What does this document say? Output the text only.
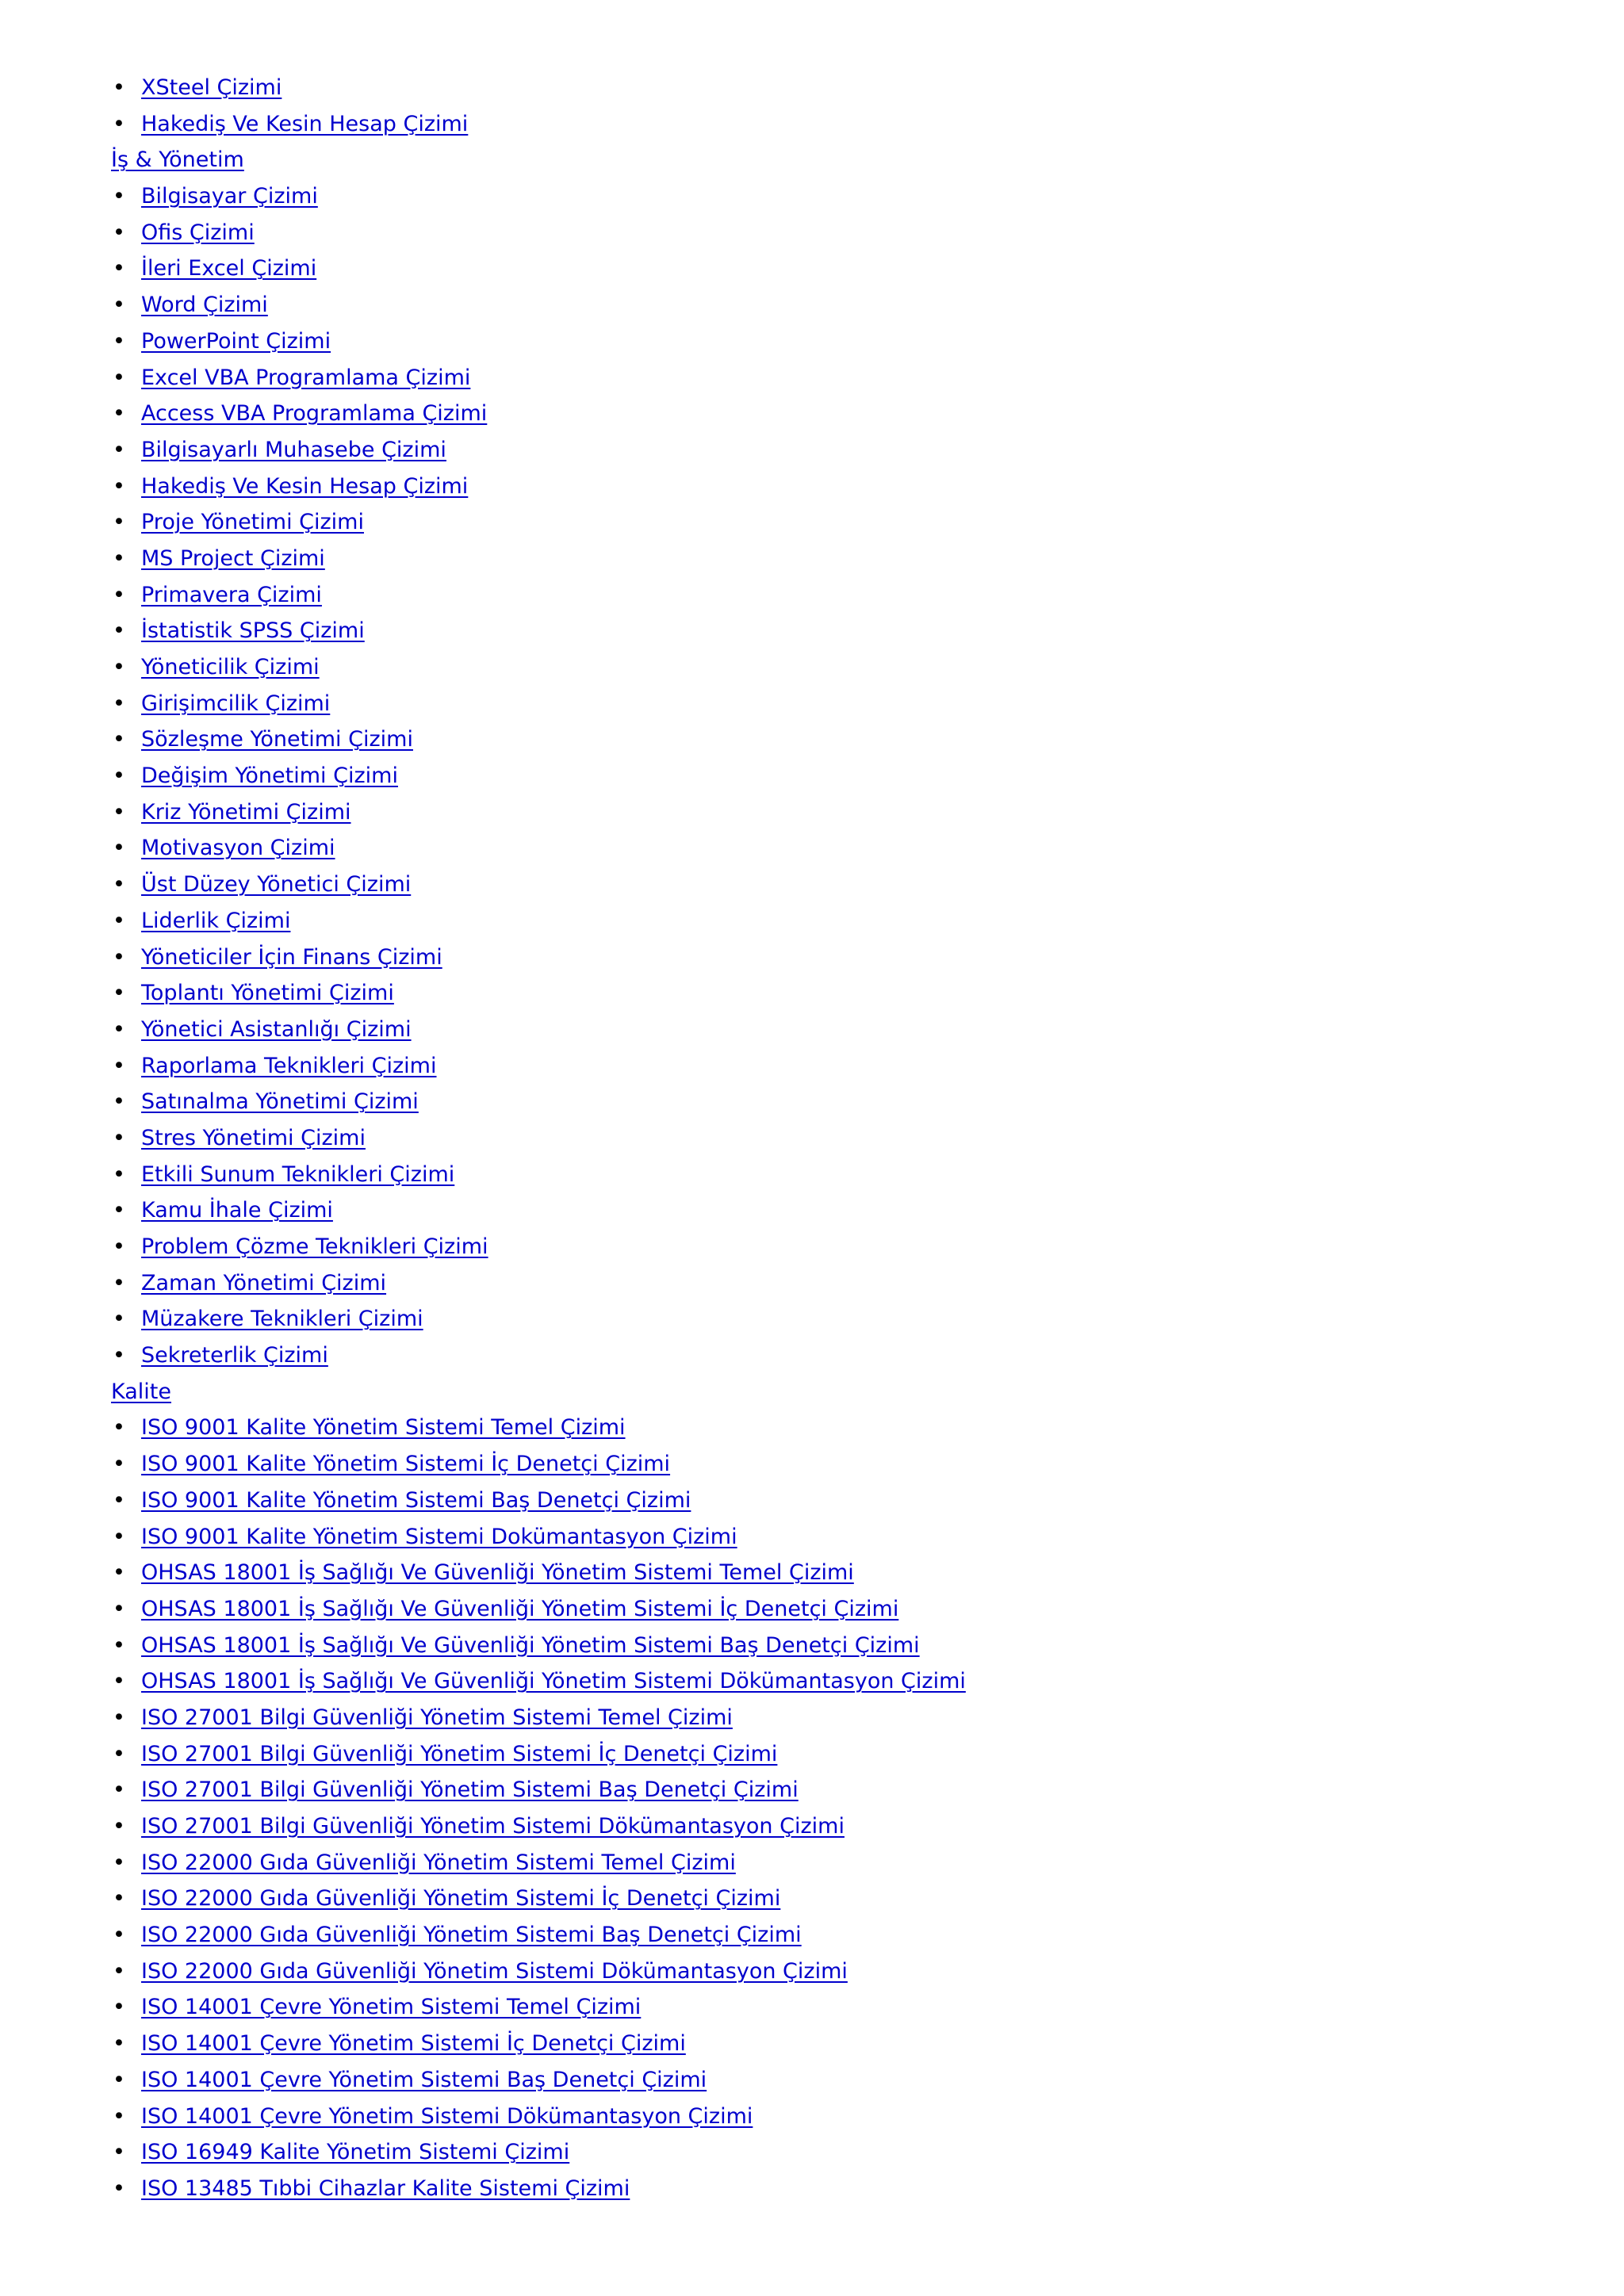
• XSteel Çizimi
• Hakediş Ve Kesin Hesap Çizimi
İş & Yönetim
• Bilgisayar Çizimi
• Ofis Çizimi
• İleri Excel Çizimi
• Word Çizimi
• PowerPoint Çizimi
• Excel VBA Programlama Çizimi
• Access VBA Programlama Çizimi
• Bilgisayarlı Muhasebe Çizimi
• Hakediş Ve Kesin Hesap Çizimi
• Proje Yönetimi Çizimi
• MS Project Çizimi
• Primavera Çizimi
• İstatistik SPSS Çizimi
• Yöneticilik Çizimi
• Girişimcilik Çizimi
• Sözleşme Yönetimi Çizimi
• Değişim Yönetimi Çizimi
• Kriz Yönetimi Çizimi
• Motivasyon Çizimi
• Üst Düzey Yönetici Çizimi
• Liderlik Çizimi
• Yöneticiler İçin Finans Çizimi
• Toplantı Yönetimi Çizimi
• Yönetici Asistanlığı Çizimi
• Raporlama Teknikleri Çizimi
• Satınalma Yönetimi Çizimi
• Stres Yönetimi Çizimi
• Etkili Sunum Teknikleri Çizimi
• Kamu İhale Çizimi
• Problem Çözme Teknikleri Çizimi
• Zaman Yönetimi Çizimi
• Müzakere Teknikleri Çizimi
• Sekreterlik Çizimi
Kalite
• ISO 9001 Kalite Yönetim Sistemi Temel Çizimi
• ISO 9001 Kalite Yönetim Sistemi İç Denetçi Çizimi
• ISO 9001 Kalite Yönetim Sistemi Baş Denetçi Çizimi
• ISO 9001 Kalite Yönetim Sistemi Dokümantasyon Çizimi
• OHSAS 18001 İş Sağlığı Ve Güvenliği Yönetim Sistemi Temel Çizimi
• OHSAS 18001 İş Sağlığı Ve Güvenliği Yönetim Sistemi İç Denetçi Çizimi
• OHSAS 18001 İş Sağlığı Ve Güvenliği Yönetim Sistemi Baş Denetçi Çizimi
• OHSAS 18001 İş Sağlığı Ve Güvenliği Yönetim Sistemi Dökümantasyon Çizimi
• ISO 27001 Bilgi Güvenliği Yönetim Sistemi Temel Çizimi
• ISO 27001 Bilgi Güvenliği Yönetim Sistemi İç Denetçi Çizimi
• ISO 27001 Bilgi Güvenliği Yönetim Sistemi Baş Denetçi Çizimi
• ISO 27001 Bilgi Güvenliği Yönetim Sistemi Dökümantasyon Çizimi
• ISO 22000 Gıda Güvenliği Yönetim Sistemi Temel Çizimi
• ISO 22000 Gıda Güvenliği Yönetim Sistemi İç Denetçi Çizimi
• ISO 22000 Gıda Güvenliği Yönetim Sistemi Baş Denetçi Çizimi
• ISO 22000 Gıda Güvenliği Yönetim Sistemi Dökümantasyon Çizimi
• ISO 14001 Çevre Yönetim Sistemi Temel Çizimi
• ISO 14001 Çevre Yönetim Sistemi İç Denetçi Çizimi
• ISO 14001 Çevre Yönetim Sistemi Baş Denetçi Çizimi
• ISO 14001 Çevre Yönetim Sistemi Dökümantasyon Çizimi
• ISO 16949 Kalite Yönetim Sistemi Çizimi
• ISO 13485 Tıbbi Cihazlar Kalite Sistemi Çizimi
